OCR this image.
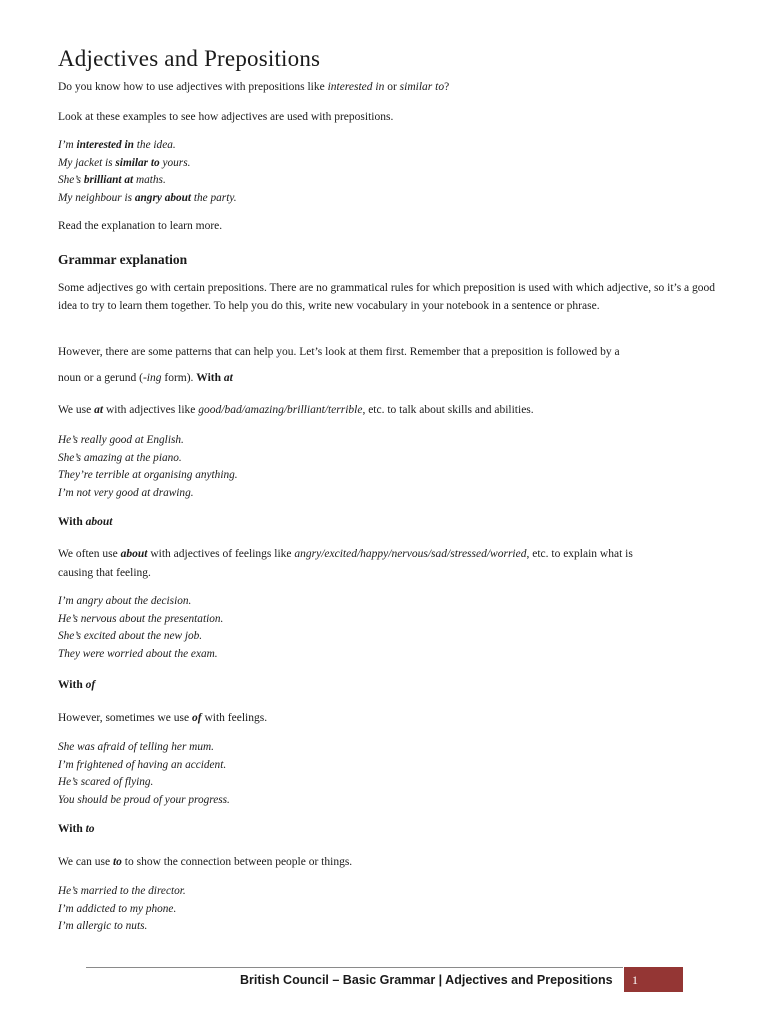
Adjectives and Prepositions

Do you know how to use adjectives with prepositions like interested in or similar to?

Look at these examples to see how adjectives are used with prepositions.

I’m interested in the idea.
My jacket is similar to yours.
She’s brilliant at maths.
My neighbour is angry about the party.

Read the explanation to learn more.

Grammar explanation

Some adjectives go with certain prepositions. There are no grammatical rules for which preposition is used with which adjective, so it’s a good idea to try to learn them together. To help you do this, write new vocabulary in your notebook in a sentence or phrase.

However, there are some patterns that can help you. Let’s look at them first. Remember that a preposition is followed by a

noun or a gerund (-ing form). With at

We use at with adjectives like good/bad/amazing/brilliant/terrible, etc. to talk about skills and abilities.

He’s really good at English.
She’s amazing at the piano.
They’re terrible at organising anything.
I’m not very good at drawing.
With about

We often use about with adjectives of feelings like angry/excited/happy/nervous/sad/stressed/worried, etc. to explain what is

causing that feeling.

I’m angry about the decision.
He’s nervous about the presentation.
She’s excited about the new job.
They were worried about the exam.
With of

However, sometimes we use of with feelings.

She was afraid of telling her mum.
I’m frightened of having an accident.
He’s scared of flying.
You should be proud of your progress.
With to

We can use to to show the connection between people or things.

He’s married to the director.
I’m addicted to my phone.
I’m allergic to nuts.
British Council – Basic Grammar | Adjectives and Prepositions 1
